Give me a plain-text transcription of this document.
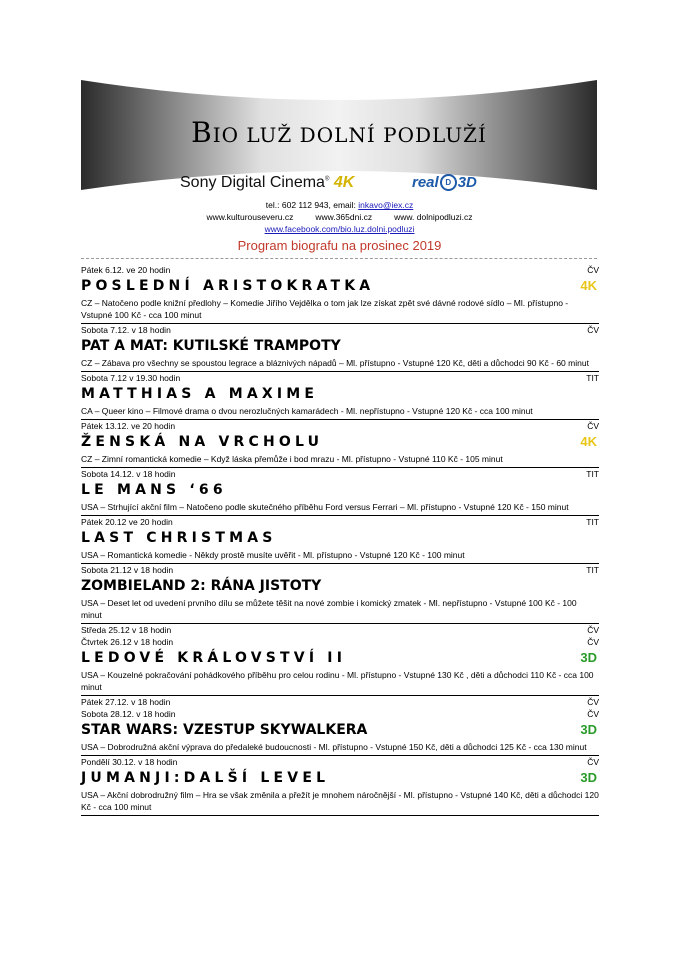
BIO LUŽ DOLNÍ PODLUŽÍ
Sony Digital Cinema® 4K	real D 3D
tel.: 602 112 943, email: inkavo@iex.cz
www.kulturouseveru.cz	www.365dni.cz	www. dolnipodluzi.cz
www.facebook.com/bio.luz.dolni.podluzi
Program biografu na prosinec 2019
Pátek 6.12. ve 20 hodin	ČV
POSLEDNÍ ARISTOKRATKA	4K
CZ – Natočeno podle knižní předlohy – Komedie Jiřího Vejdělka o tom jak lze získat zpět své dávné rodové sídlo – Ml. přístupno - Vstupné 100 Kč - cca 100 minut
Sobota 7.12. v 18 hodin	ČV
PAT A MAT: KUTILSKÉ TRAMPOTY
CZ – Zábava pro všechny se spoustou legrace a bláznivých nápadů – Ml. přístupno - Vstupné 120 Kč, děti a důchodci 90 Kč - 60 minut
Sobota 7.12 v 19.30 hodin	TIT
MATTHIAS A MAXIME
CA – Queer kino – Filmové drama o dvou nerozlučných kamarádech - Ml. nepřístupno - Vstupné 120 Kč - cca 100 minut
Pátek 13.12. ve 20 hodin	ČV
ŽENSKÁ NA VRCHOLU	4K
CZ – Zimní romantická komedie – Když láska přemůže i bod mrazu - Ml. přístupno - Vstupné 110 Kč - 105 minut
Sobota 14.12. v 18 hodin	TIT
LE MANS ‘66
USA – Strhující akční film – Natočeno podle skutečného příběhu Ford versus Ferrari – Ml. přístupno - Vstupné 120 Kč - 150 minut
Pátek 20.12 ve 20 hodin	TIT
LAST CHRISTMAS
USA – Romantická komedie - Někdy prostě musíte uvěřit - Ml. přístupno - Vstupné 120 Kč - 100 minut
Sobota 21.12 v 18 hodin	TIT
ZOMBIELAND 2: RÁNA JISTOTY
USA – Deset let od uvedení prvního dílu se můžete těšit na nové zombie i komický zmatek - Ml. nepřístupno - Vstupné 100 Kč - 100 minut
Středa 25.12 v 18 hodin	ČV
Čtvrtek 26.12 v 18 hodin	ČV
LEDOVÉ KRÁLOVSTVÍ II	3D
USA – Kouzelné pokračování pohádkového příběhu pro celou rodinu - Ml. přístupno - Vstupné 130 Kč , děti a důchodci 110 Kč - cca 100 minut
Pátek 27.12. v 18 hodin	ČV
Sobota 28.12. v 18 hodin	ČV
STAR WARS: VZESTUP SKYWALKERA	3D
USA – Dobrodružná akční výprava do předaleké budoucnosti - Ml. přístupno - Vstupné 150 Kč, děti a důchodci 125 Kč - cca 130 minut
Pondělí 30.12. v 18 hodin	ČV
JUMANJI:DALŠÍ LEVEL	3D
USA – Akční dobrodružný film – Hra se však změnila a přežít je mnohem náročnější - Ml. přístupno - Vstupné 140 Kč, děti a důchodci 120 Kč - cca 100 minut
